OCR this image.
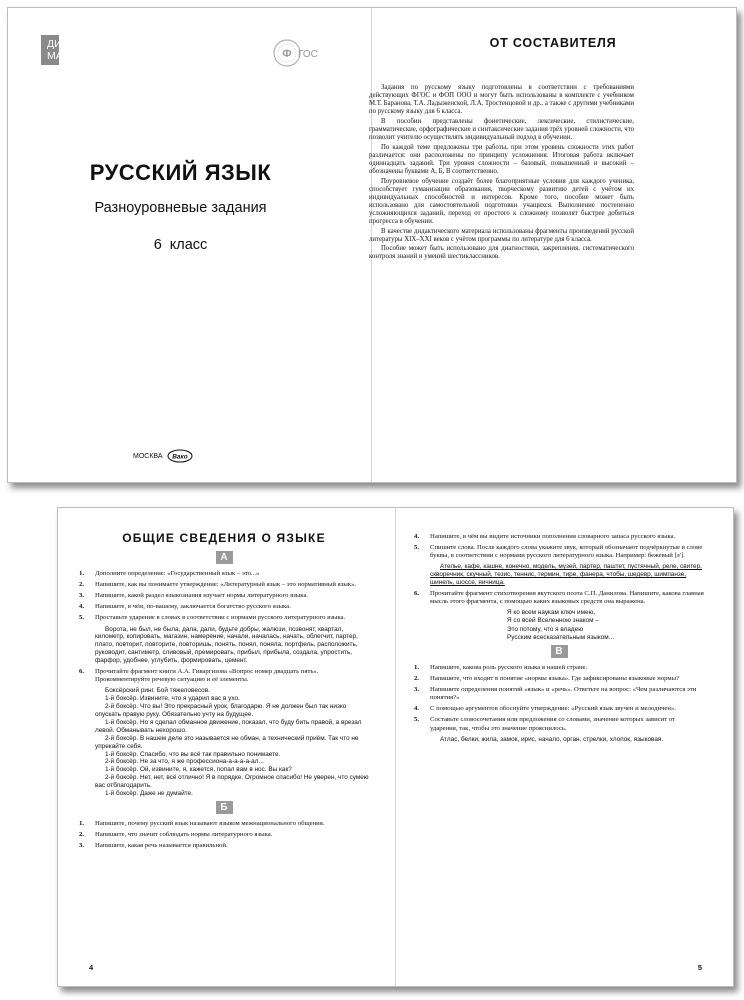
ДИДАКТИЧЕСКИЕ
МАТЕРИАЛЫ	Ф ГОС
РУССКИЙ ЯЗЫК
Разноуровневые задания
6 класс
МОСКВА Вако
ОТ СОСТАВИТЕЛЯ

Задания по русскому языку подготовлены в соответствии с требованиями действующих ФГОС и ФОП ООО и могут быть использованы в комплекте с учебником М.Т. Баранова, Т.А. Ладыженской, Л.А. Тростенцовой и др., а также с другими учебниками по русскому языку для 6 класса.

В пособии представлены фонетические, лексические, стилистические, грамматические, орфографические и синтаксические задания трёх уровней сложности, что позволит учителю осуществлять индивидуальный подход в обучении.

По каждой теме предложены три работы, при этом уровень сложности этих работ различается: они расположены по принципу усложнения. Итоговая работа включает одиннадцать заданий. Три уровня сложности – базовый, повышенный и высокий – обозначены буквами А, Б, В соответственно.

Поуровневое обучение создаёт более благоприятные условия для каждого ученика, способствует гуманизации образования, творческому развитию детей с учётом их индивидуальных способностей и интересов. Кроме того, пособие может быть использовано для самостоятельной подготовки учащихся. Выполнение постепенно усложняющихся заданий, переход от простого к сложному позволят быстрее добиться прогресса в обучении.

В качестве дидактического материала использованы фрагменты произведений русской литературы XIX–XXI веков с учётом программы по литературе для 6 класса.

Пособие может быть использовано для диагностики, закрепления, систематического контроля знаний и умений шестиклассников.

ОБЩИЕ СВЕДЕНИЯ О ЯЗЫКЕ
А
1.	Дополните определение: «Государственный язык – это...»
2.	Напишите, как вы понимаете утверждение: «Литературный язык – это нормативный язык».
3.	Напишите, какой раздел языкознания изучает нормы литературного языка.
4.	Напишите, в чём, по-вашему, заключается богатство русского языка.
5.	Проставьте ударение в словах в соответствии с нормами русского литературного языка.
Ворота, не был, не была, дала, дали, будьте добры, жалюзи, позвонят, квартал, километр, копировать, магазин, намерение, начали, началась, начать, облегчит, партер, плато, повторит, повторите, повторишь, понять, понял, поняла, портфель, расположить, руководит, сантиметр, сливовый, премировать, прибыл, прибыла, создала, упростить, фарфор, удобнее, углубить, формировать, цемент.
6.	Прочитайте фрагмент книги А.А. Гиваргизова «Вопрос номер двадцать пять». Прокомментируйте речевую ситуацию и её элементы.
Боксёрский ринг. Бой тяжеловесов.
1-й боксёр. Извините, что я ударил вас в ухо.
2-й боксёр. Что вы! Это прекрасный урок, благодарю. Я не должен был так низко опускать правую руку. Обязательно учту на будущее.
1-й боксёр. Но я сделал обманное движение, показал, что буду бить правой, а врезал левой. Обманывать нехорошо.
2-й боксёр. В нашем деле это называется не обман, а технический приём. Так что не упрекайте себя.
1-й боксёр. Спасибо, что вы всё так правильно понимаете.
2-й боксёр. Не за что, я же профессиона-а-а-а-а-ал...
1-й боксёр. Ой, извините, я, кажется, попал вам в нос. Вы как?
2-й боксёр. Нет, нет, всё отлично! Я в порядке. Огромное спасибо! Не уверен, что сумею вас отблагодарить.
1-й боксёр. Даже не думайте.
Б
1.	Напишите, почему русский язык называют языком межнационального общения.
2.	Напишите, что значит соблюдать нормы литературного языка.
3.	Напишите, какая речь называется правильной.
4.	Напишите, в чём вы видите источники пополнения словарного запаса русского языка.
5.	Спишите слова. После каждого слова укажите звук, который обозначают подчёркнутые в слове буквы, в соответствии с нормами русского литературного языка. Например: бежевый [ǝ'].
Ателье, кафе, кашне, конечно, модель, музей, партер, паштет, пустячный, реле, свитер, скворечник, скучный, тезис, теннис, термин, тире, фанера, чтобы, шедевр, шимпанзе, шинель, шоссе, яичница.
6.	Прочитайте фрагмент стихотворения якутского поэта С.П. Данилова. Напишите, какова главная мысль этого фрагмента, с помощью каких языковых средств она выражена.
Я ко всем наукам ключ имею,
Я со всей Вселенною знаком –
Это потому, что я владею
Русским всесказательным языком...
В
1.	Напишите, какова роль русского языка в нашей стране.
2.	Напишите, что входит в понятие «нормы языка». Где зафиксированы языковые нормы?
3.	Напишите определения понятий «язык» и «речь». Ответьте на вопрос: «Чем различаются эти понятия?»
4.	С помощью аргументов обоснуйте утверждение: «Русский язык звучен и мелодичен».
5.	Составьте словосочетания или предложения со словами, значение которых зависит от ударения, так, чтобы это значение прояснилось.
Атлас, белки, жила, замок, ирис, начало, орган, стрелки, хлопок, языковая.
4	5
